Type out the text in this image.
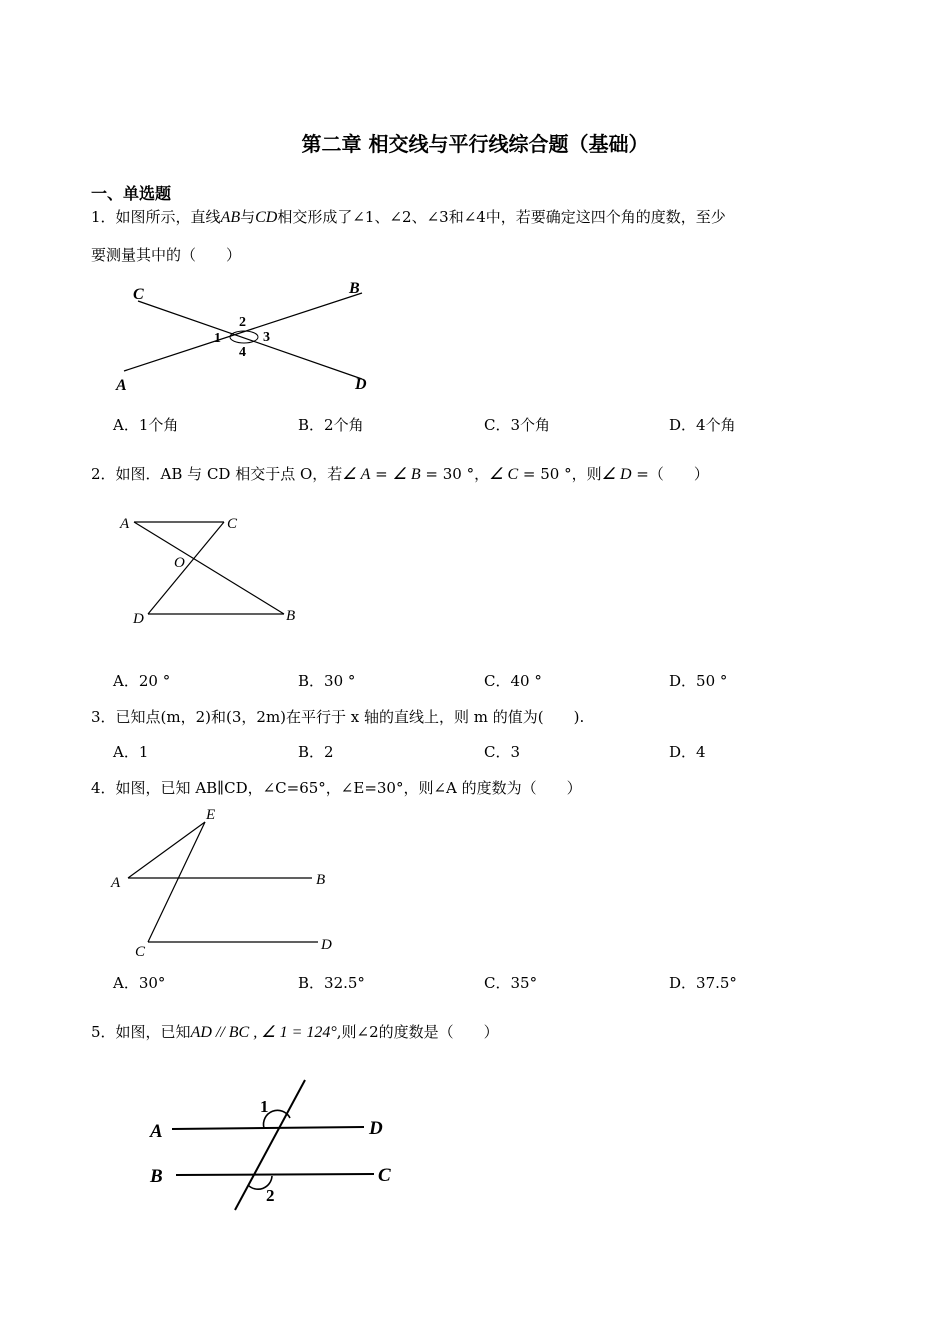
第二章 相交线与平行线综合题（基础）
一、单选题
1．如图所示，直线AB与CD相交形成了∠1、∠2、∠3和∠4中，若要确定这四个角的度数，至少
要测量其中的（　　）
C	B
A	D
1
2
3
4
A．1个角	B．2个角	C．3个角	D．4个角
2．如图．AB 与 CD 相交于点 O，若∠ A = ∠ B = 30 °，∠ C = 50 °，则∠ D =（　　）
A	C
O
D	B
A．20 °	B．30 °	C．40 °	D．50 °
3．已知点(m，2)和(3，2m)在平行于 x 轴的直线上，则 m 的值为(　　).
A．1	B．2	C．3	D．4
4．如图，已知 AB∥CD，∠C=65°，∠E=30°，则∠A 的度数为（　　）
E
A	B
C	D
A．30°	B．32.5°	C．35°	D．37.5°
5．如图，已知AD // BC , ∠ 1 = 124°,则∠2的度数是（　　）
A	D
B	C
1
2
